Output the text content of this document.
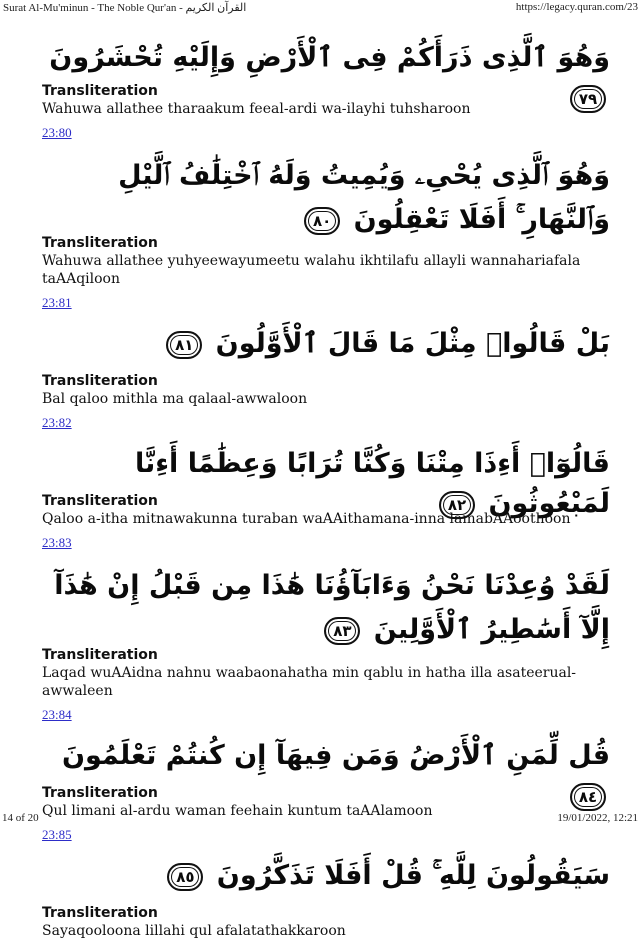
Surat Al-Mu'minun - The Noble Qur'an - القرآن الكريم	https://legacy.quran.com/23
وَهُوَ ٱلَّذِى ذَرَأَكُمْ فِى ٱلْأَرْضِ وَإِلَيْهِ تُحْشَرُونَ ٧٩
Transliteration
Wahuwa allathee tharaakum feeal-ardi wa-ilayhi tuhsharoon
23:80
وَهُوَ ٱلَّذِى يُحْىِۦ وَيُمِيتُ وَلَهُ ٱخْتِلَٰفُ ٱلَّيْلِ وَٱلنَّهَارِ ۚ أَفَلَا تَعْقِلُونَ ٨٠
Transliteration
Wahuwa allathee yuhyeewayumeetu walahu ikhtilafu allayli wannahariafala taAAqiloon
23:81
بَلْ قَالُوا۟ مِثْلَ مَا قَالَ ٱلْأَوَّلُونَ ٨١
Transliteration
Bal qaloo mithla ma qalaal-awwaloon
23:82
قَالُوٓا۟ أَءِذَا مِتْنَا وَكُنَّا تُرَابًا وَعِظَٰمًا أَءِنَّا لَمَبْعُوثُونَ ٨٢
Transliteration
Qaloo a-itha mitnawakunna turaban waAAithamana-inna lamabAAoothoon
23:83
لَقَدْ وُعِدْنَا نَحْنُ وَءَابَآؤُنَا هَٰذَا مِن قَبْلُ إِنْ هَٰذَآ إِلَّآ أَسَٰطِيرُ ٱلْأَوَّلِينَ ٨٣
Transliteration
Laqad wuAAidna nahnu waabaonahatha min qablu in hatha illa asateerual-awwaleen
23:84
قُل لِّمَنِ ٱلْأَرْضُ وَمَن فِيهَآ إِن كُنتُمْ تَعْلَمُونَ ٨٤
Transliteration
Qul limani al-ardu waman feehain kuntum taAAlamoon
23:85
سَيَقُولُونَ لِلَّهِ ۚ قُلْ أَفَلَا تَذَكَّرُونَ ٨٥
Transliteration
Sayaqooloona lillahi qul afalatathakkaroon
14 of 20	19/01/2022, 12:21
